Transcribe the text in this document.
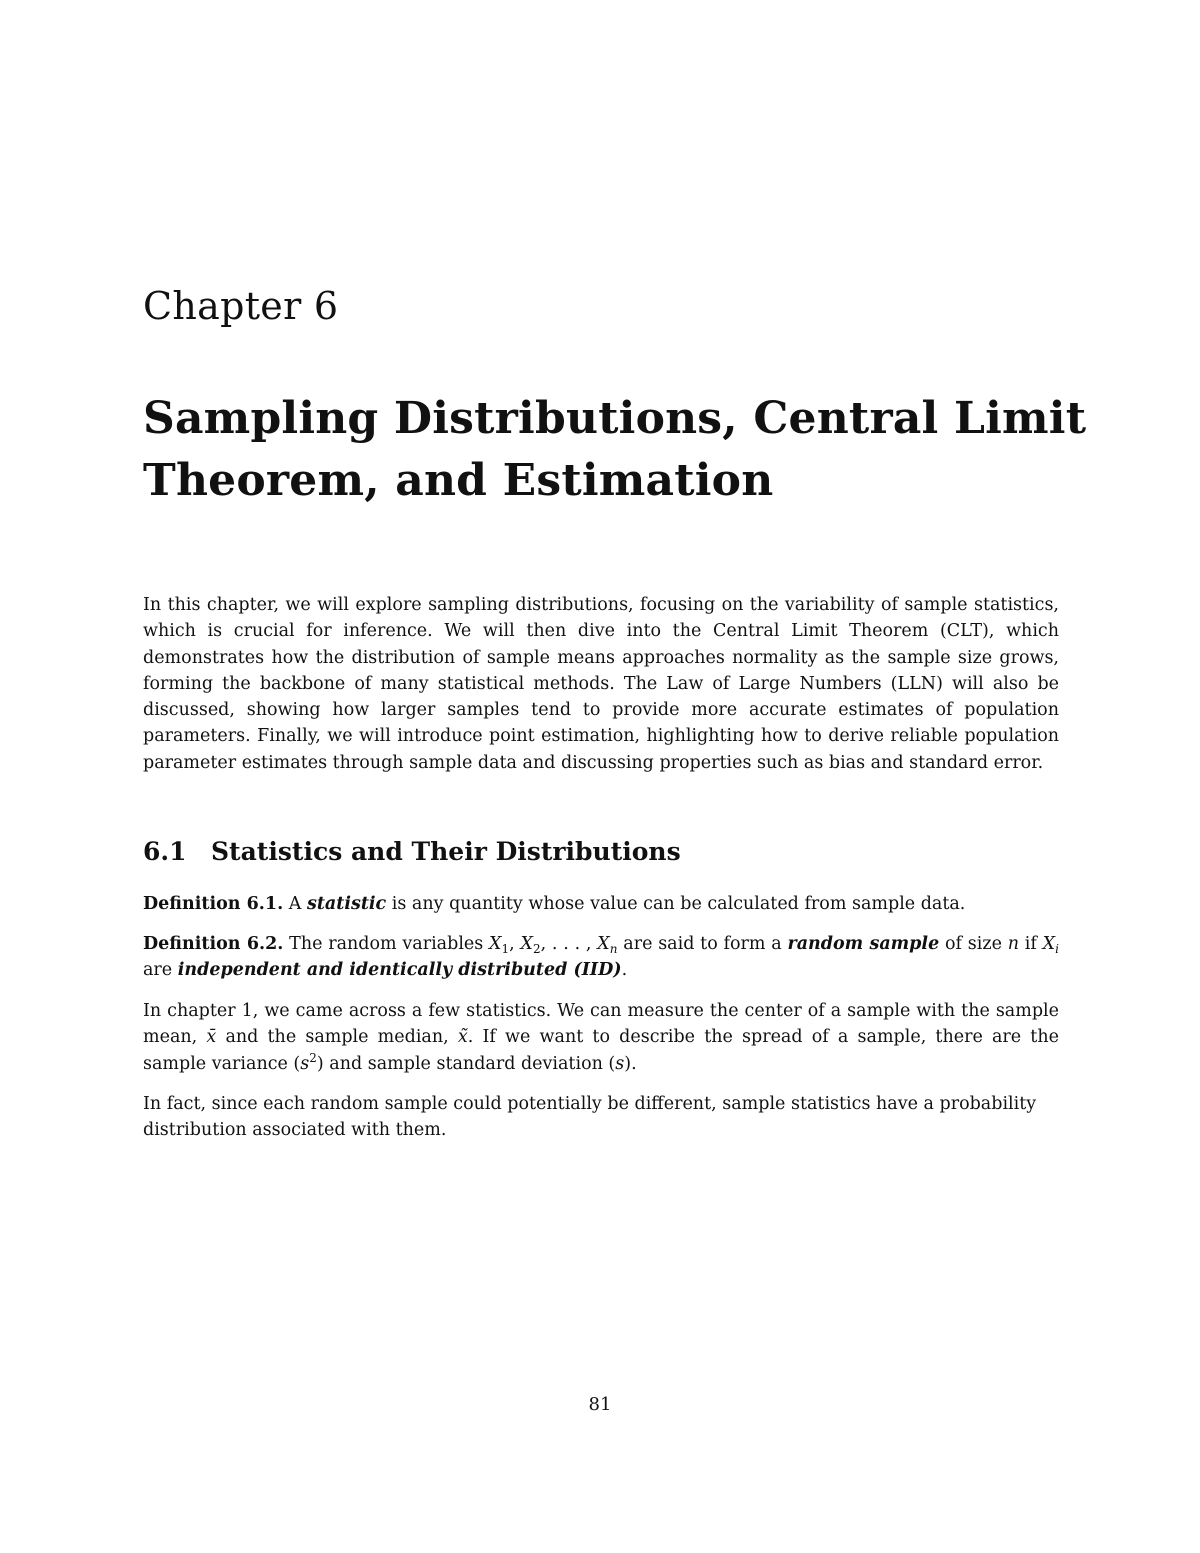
Chapter 6
Sampling Distributions, Central Limit
Theorem, and Estimation

In this chapter, we will explore sampling distributions, focusing on the variability of sample statistics, which is crucial for inference. We will then dive into the Central Limit Theorem (CLT), which demonstrates how the distribution of sample means approaches normality as the sample size grows, forming the backbone of many statistical methods. The Law of Large Numbers (LLN) will also be discussed, showing how larger samples tend to provide more accurate estimates of population parameters. Finally, we will introduce point estimation, highlighting how to derive reliable population parameter estimates through sample data and discussing properties such as bias and standard error.

6.1 Statistics and Their Distributions

Definition 6.1. A statistic is any quantity whose value can be calculated from sample data.

Definition 6.2. The random variables $X_1$, $X_2$, . . . , $X_n$ are said to form a random sample of size n if $X_i$ are independent and identically distributed (IID).

In chapter 1, we came across a few statistics. We can measure the center of a sample with the sample mean, x̄ and the sample median, x̃. If we want to describe the spread of a sample, there are the sample variance $(s^2)$ and sample standard deviation (s).

In fact, since each random sample could potentially be different, sample statistics have a probability distribution associated with them.

81
